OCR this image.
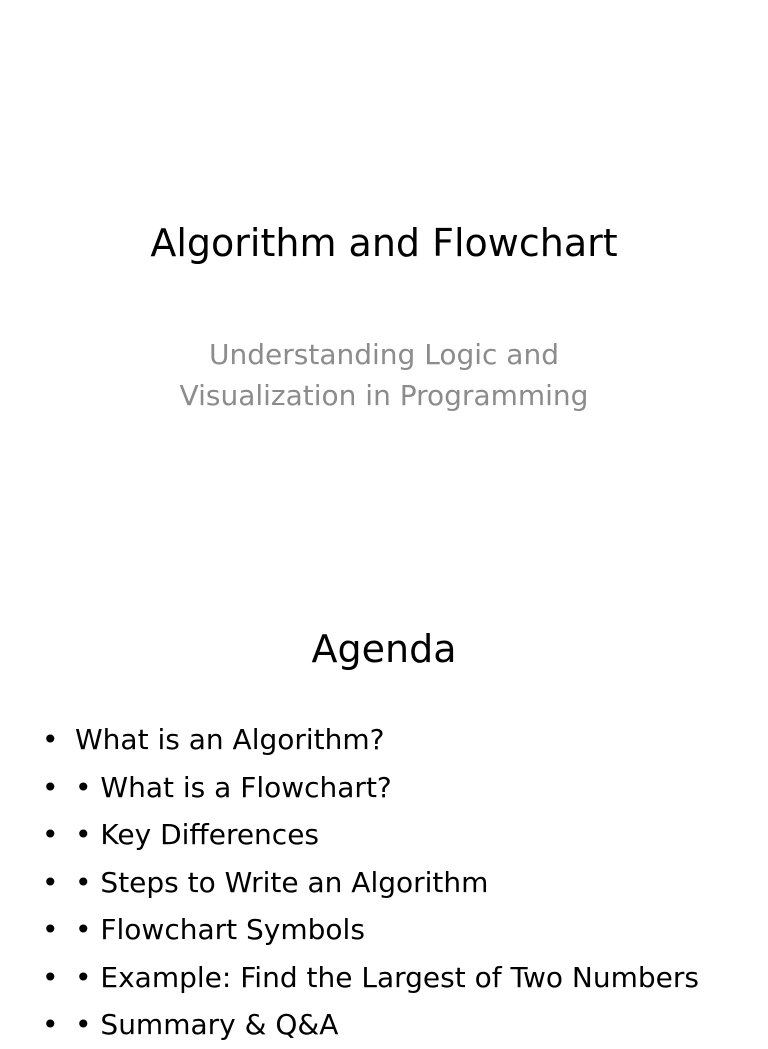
Algorithm and Flowchart
Understanding Logic and
Visualization in Programming
Agenda
• What is an Algorithm?
• • What is a Flowchart?
• • Key Differences
• • Steps to Write an Algorithm
• • Flowchart Symbols
• • Example: Find the Largest of Two Numbers
• • Summary & Q&A
